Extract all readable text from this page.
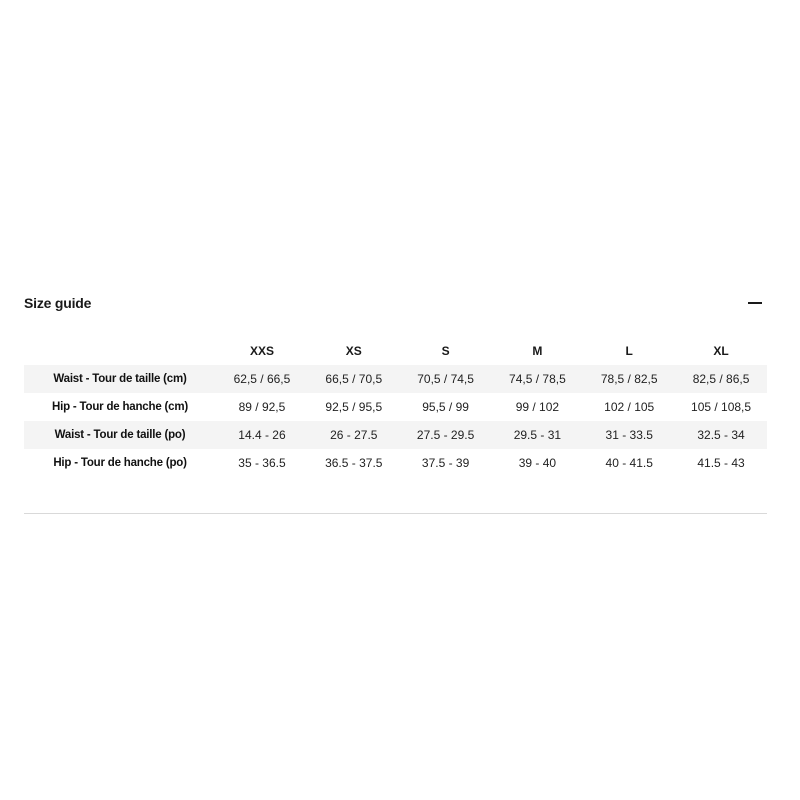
Size guide
	XXS	XS	S	M	L	XL
Waist - Tour de taille (cm)	62,5 / 66,5	66,5 / 70,5	70,5 / 74,5	74,5 / 78,5	78,5 / 82,5	82,5 / 86,5
Hip - Tour de hanche (cm)	89 / 92,5	92,5 / 95,5	95,5 / 99	99 / 102	102 / 105	105 / 108,5
Waist - Tour de taille (po)	14.4 - 26	26 - 27.5	27.5 - 29.5	29.5 - 31	31 - 33.5	32.5 - 34
Hip - Tour de hanche (po)	35 - 36.5	36.5 - 37.5	37.5 - 39	39 - 40	40 - 41.5	41.5 - 43
